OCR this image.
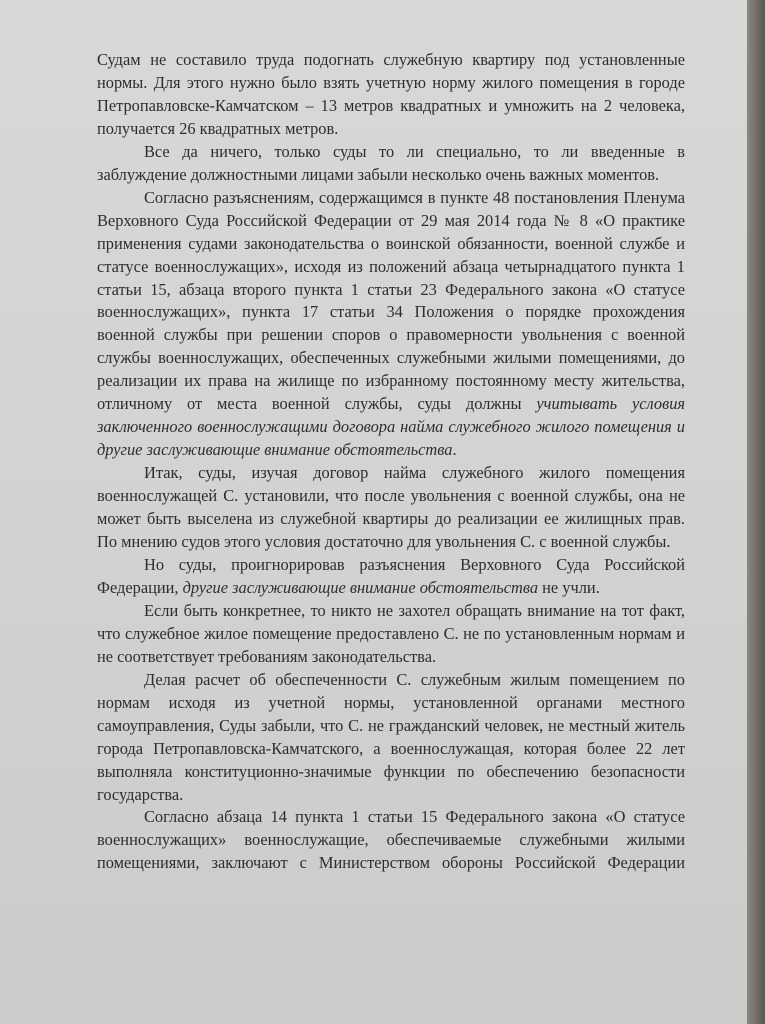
Судам не составило труда подогнать служебную квартиру под установленные нормы. Для этого нужно было взять учетную норму жилого помещения в городе Петропавловске-Камчатском – 13 метров квадратных и умножить на 2 человека, получается 26 квадратных метров.

Все да ничего, только суды то ли специально, то ли введенные в заблуждение должностными лицами забыли несколько очень важных моментов.

Согласно разъяснениям, содержащимся в пункте 48 постановления Пленума Верховного Суда Российской Федерации от 29 мая 2014 года № 8 «О практике применения судами законодательства о воинской обязанности, военной службе и статусе военнослужащих», исходя из положений абзаца четырнадцатого пункта 1 статьи 15, абзаца второго пункта 1 статьи 23 Федерального закона «О статусе военнослужащих», пункта 17 статьи 34 Положения о порядке прохождения военной службы при решении споров о правомерности увольнения с военной службы военнослужащих, обеспеченных служебными жилыми помещениями, до реализации их права на жилище по избранному постоянному месту жительства, отличному от места военной службы, суды должны учитывать условия заключенного военнослужащими договора найма служебного жилого помещения и другие заслуживающие внимание обстоятельства.

Итак, суды, изучая договор найма служебного жилого помещения военнослужащей С. установили, что после увольнения с военной службы, она не может быть выселена из служебной квартиры до реализации ее жилищных прав. По мнению судов этого условия достаточно для увольнения С. с военной службы.

Но суды, проигнорировав разъяснения Верховного Суда Российской Федерации, другие заслуживающие внимание обстоятельства не учли.

Если быть конкретнее, то никто не захотел обращать внимание на тот факт, что служебное жилое помещение предоставлено С. не по установленным нормам и не соответствует требованиям законодательства.

Делая расчет об обеспеченности С. служебным жилым помещением по нормам исходя из учетной нормы, установленной органами местного самоуправления, Суды забыли, что С. не гражданский человек, не местный житель города Петропавловска-Камчатского, а военнослужащая, которая более 22 лет выполняла конституционно-значимые функции по обеспечению безопасности государства.

Согласно абзаца 14 пункта 1 статьи 15 Федерального закона «О статусе военнослужащих» военнослужащие, обеспечиваемые служебными жилыми помещениями, заключают с Министерством обороны Российской Федерации
